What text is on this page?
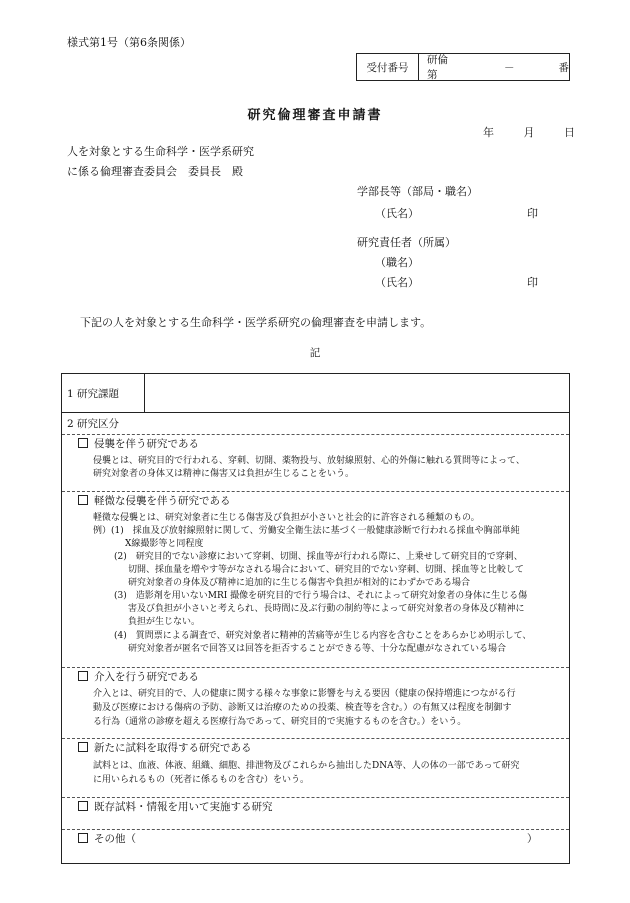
様式第1号（第6条関係）
受付番号
研倫第
－	番
研究倫理審査申請書
年	月	日
人を対象とする生命科学・医学系研究
に係る倫理審査委員会　委員長　殿
学部長等（部局・職名）
（氏名）	印
研究責任者（所属）
（職名）
（氏名）	印
下記の人を対象とする生命科学・医学系研究の倫理審査を申請します。
記
1 研究課題
2 研究区分
侵襲を伴う研究である
侵襲とは、研究目的で行われる、穿刺、切開、薬物投与、放射線照射、心的外傷に触れる質問等によって、
研究対象者の身体又は精神に傷害又は負担が生じることをいう。
軽微な侵襲を伴う研究である
軽微な侵襲とは、研究対象者に生じる傷害及び負担が小さいと社会的に許容される種類のもの。
例）(1)　採血及び放射線照射に関して、労働安全衛生法に基づく一般健康診断で行われる採血や胸部単純
X線撮影等と同程度
(2)　研究目的でない診療において穿刺、切開、採血等が行われる際に、上乗せして研究目的で穿刺、
切開、採血量を増やす等がなされる場合において、研究目的でない穿刺、切開、採血等と比較して
研究対象者の身体及び精神に追加的に生じる傷害や負担が相対的にわずかである場合
(3)　造影剤を用いないMRI 撮像を研究目的で行う場合は、それによって研究対象者の身体に生じる傷
害及び負担が小さいと考えられ、長時間に及ぶ行動の制約等によって研究対象者の身体及び精神に
負担が生じない。
(4)　質問票による調査で、研究対象者に精神的苦痛等が生じる内容を含むことをあらかじめ明示して、
研究対象者が匿名で回答又は回答を拒否することができる等、十分な配慮がなされている場合
介入を行う研究である
介入とは、研究目的で、人の健康に関する様々な事象に影響を与える要因（健康の保持増進につながる行
動及び医療における傷病の予防、診断又は治療のための投薬、検査等を含む。）の有無又は程度を制御す
る行為（通常の診療を超える医療行為であって、研究目的で実施するものを含む。）をいう。
新たに試料を取得する研究である
試料とは、血液、体液、組織、細胞、排泄物及びこれらから抽出したDNA等、人の体の一部であって研究
に用いられるもの（死者に係るものを含む）をいう。
既存試料・情報を用いて実施する研究
その他（	）
